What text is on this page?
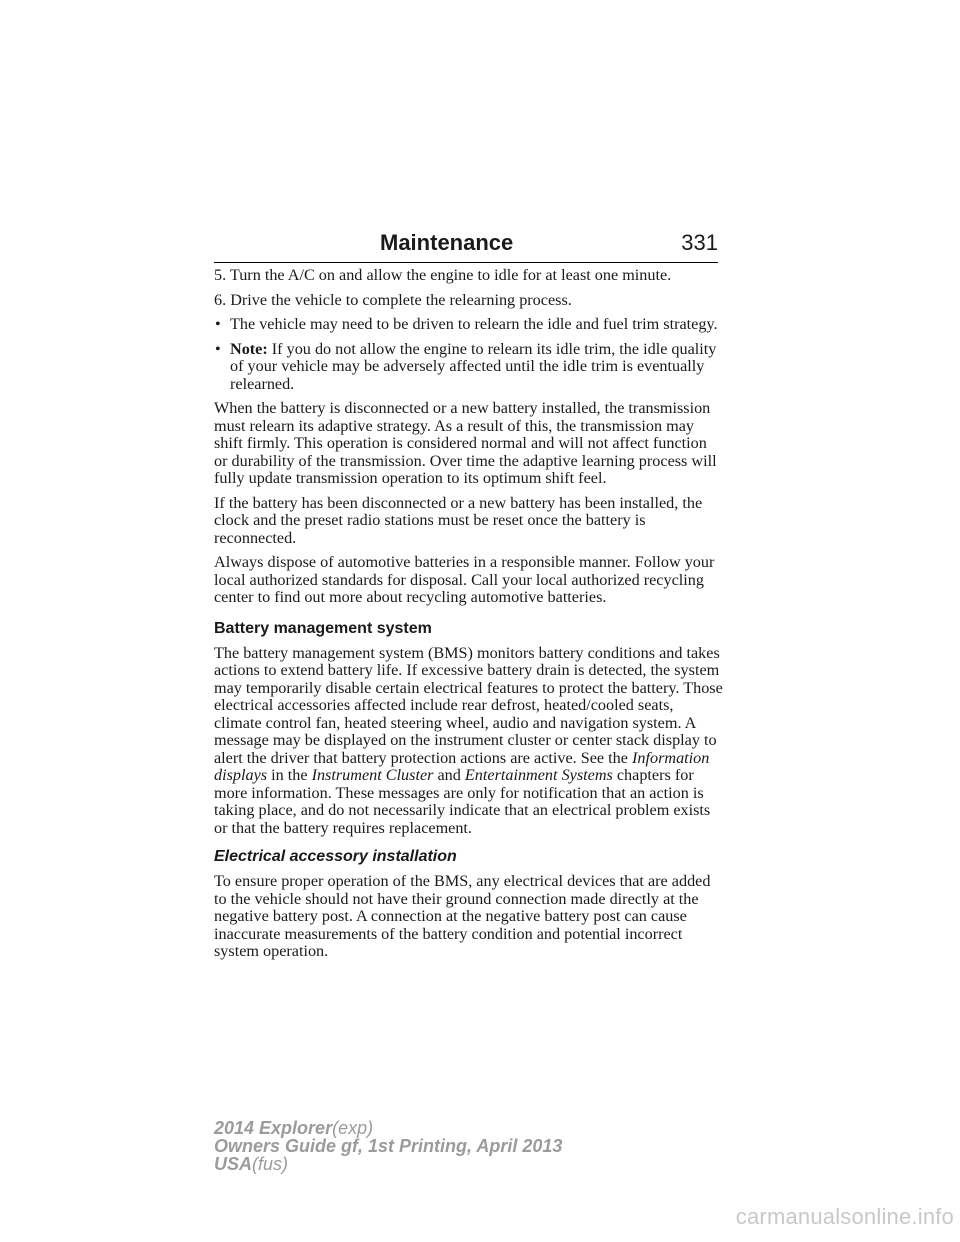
Maintenance	331

5. Turn the A/C on and allow the engine to idle for at least one minute.

6. Drive the vehicle to complete the relearning process.

• The vehicle may need to be driven to relearn the idle and fuel trim strategy.
• Note: If you do not allow the engine to relearn its idle trim, the idle quality of your vehicle may be adversely affected until the idle trim is eventually relearned.

When the battery is disconnected or a new battery installed, the transmission must relearn its adaptive strategy. As a result of this, the transmission may shift firmly. This operation is considered normal and will not affect function or durability of the transmission. Over time the adaptive learning process will fully update transmission operation to its optimum shift feel.

If the battery has been disconnected or a new battery has been installed, the clock and the preset radio stations must be reset once the battery is reconnected.

Always dispose of automotive batteries in a responsible manner. Follow your local authorized standards for disposal. Call your local authorized recycling center to find out more about recycling automotive batteries.

Battery management system

The battery management system (BMS) monitors battery conditions and takes actions to extend battery life. If excessive battery drain is detected, the system may temporarily disable certain electrical features to protect the battery. Those electrical accessories affected include rear defrost, heated/cooled seats, climate control fan, heated steering wheel, audio and navigation system. A message may be displayed on the instrument cluster or center stack display to alert the driver that battery protection actions are active. See the Information displays in the Instrument Cluster and Entertainment Systems chapters for more information. These messages are only for notification that an action is taking place, and do not necessarily indicate that an electrical problem exists or that the battery requires replacement.

Electrical accessory installation

To ensure proper operation of the BMS, any electrical devices that are added to the vehicle should not have their ground connection made directly at the negative battery post. A connection at the negative battery post can cause inaccurate measurements of the battery condition and potential incorrect system operation.

2014 Explorer(exp)
Owners Guide gf, 1st Printing, April 2013
USA(fus)
carmanualsonline.info
